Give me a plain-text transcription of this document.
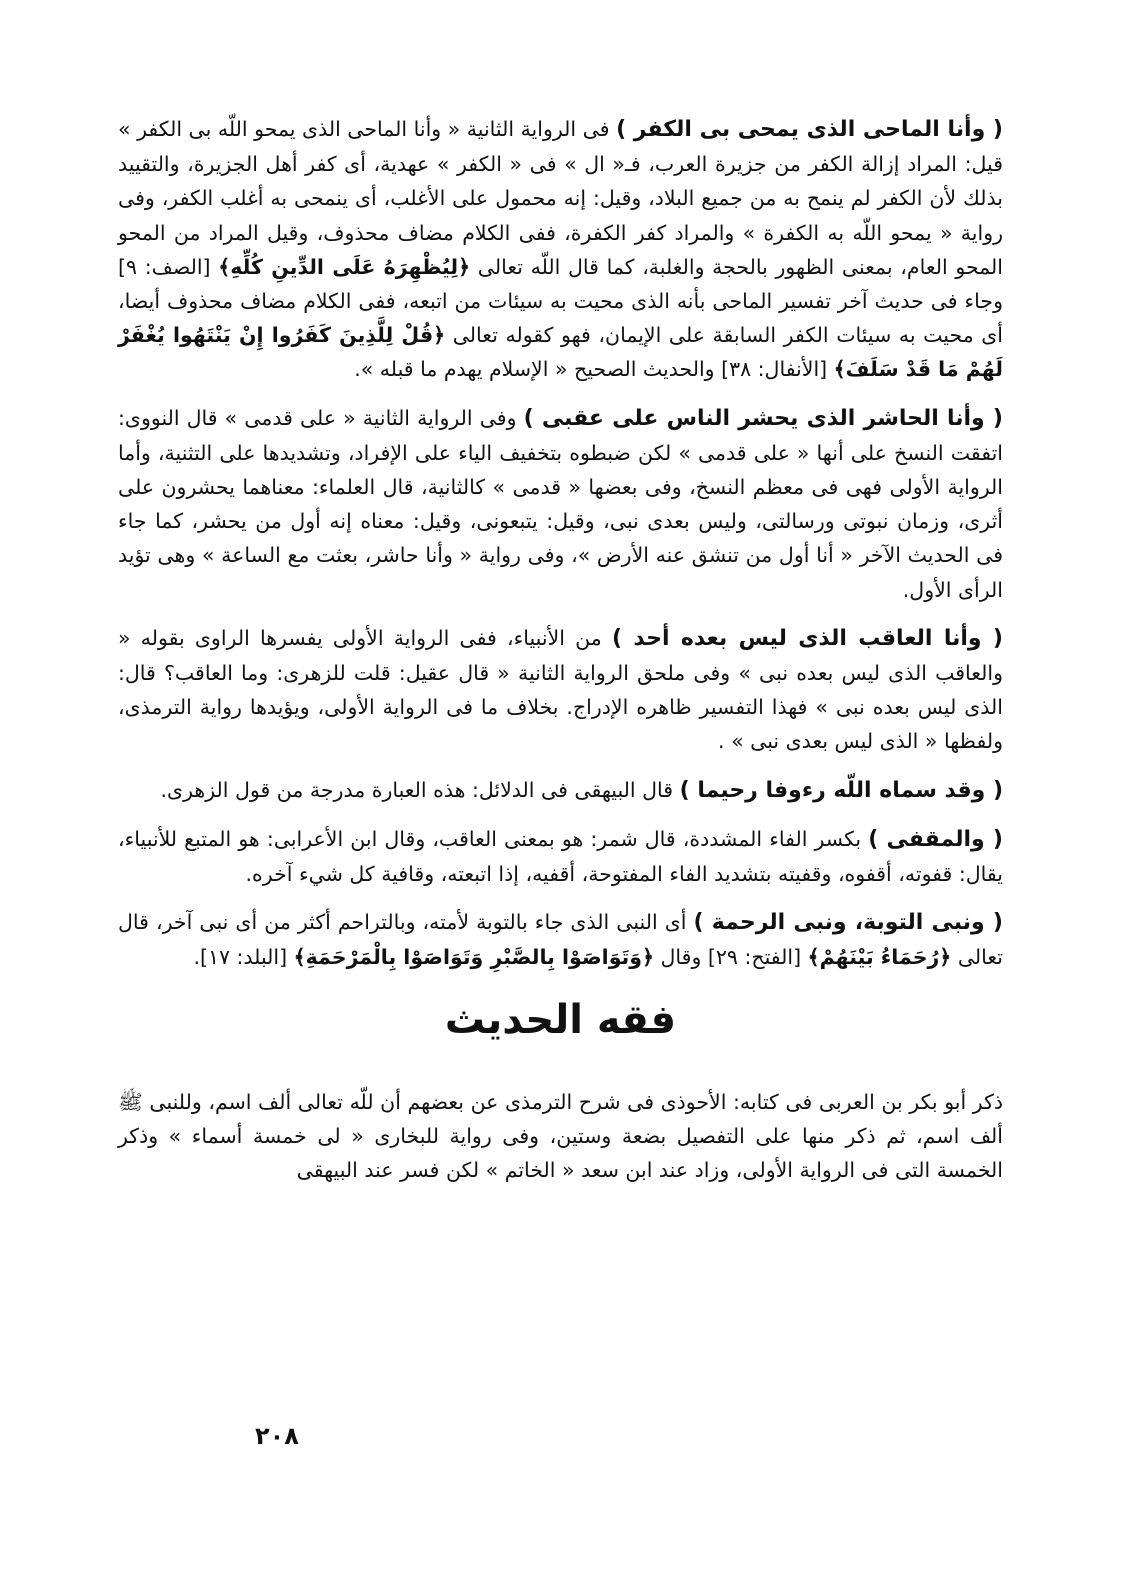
( وأنا الماحى الذى يمحى بى الكفر ) فى الرواية الثانية « وأنا الماحى الذى يمحو اللّه بى الكفر » قيل: المراد إزالة الكفر من جزيرة العرب، فـ« ال » فى « الكفر » عهدية، أى كفر أهل الجزيرة، والتقييد بذلك لأن الكفر لم ينمح به من جميع البلاد، وقيل: إنه محمول على الأغلب، أى ينمحى به أغلب الكفر، وفى رواية « يمحو اللّه به الكفرة » والمراد كفر الكفرة، ففى الكلام مضاف محذوف، وقيل المراد من المحو المحو العام، بمعنى الظهور بالحجة والغلبة، كما قال اللّه تعالى ﴿لِيُظْهِرَهُ عَلَى الدِّينِ كُلِّهِ﴾ [الصف: ٩] وجاء فى حديث آخر تفسير الماحى بأنه الذى محيت به سيئات من اتبعه، ففى الكلام مضاف محذوف أيضا، أى محيت به سيئات الكفر السابقة على الإيمان، فهو كقوله تعالى ﴿قُلْ لِلَّذِينَ كَفَرُوا إِنْ يَنْتَهُوا يُغْفَرْ لَهُمْ مَا قَدْ سَلَفَ﴾ [الأنفال: ٣٨] والحديث الصحيح « الإسلام يهدم ما قبله ».

( وأنا الحاشر الذى يحشر الناس على عقبى ) وفى الرواية الثانية « على قدمى » قال النووى: اتفقت النسخ على أنها « على قدمى » لكن ضبطوه بتخفيف الياء على الإفراد، وتشديدها على التثنية، وأما الرواية الأولى فهى فى معظم النسخ، وفى بعضها « قدمى » كالثانية، قال العلماء: معناهما يحشرون على أثرى، وزمان نبوتى ورسالتى، وليس بعدى نبى، وقيل: يتبعونى، وقيل: معناه إنه أول من يحشر، كما جاء فى الحديث الآخر « أنا أول من تنشق عنه الأرض »، وفى رواية « وأنا حاشر، بعثت مع الساعة » وهى تؤيد الرأى الأول.

( وأنا العاقب الذى ليس بعده أحد ) من الأنبياء، ففى الرواية الأولى يفسرها الراوى بقوله « والعاقب الذى ليس بعده نبى » وفى ملحق الرواية الثانية « قال عقيل: قلت للزهرى: وما العاقب؟ قال: الذى ليس بعده نبى » فهذا التفسير ظاهره الإدراج. بخلاف ما فى الرواية الأولى، ويؤيدها رواية الترمذى، ولفظها « الذى ليس بعدى نبى » .

( وقد سماه اللّه رءوفا رحيما ) قال البيهقى فى الدلائل: هذه العبارة مدرجة من قول الزهرى.

( والمقفى ) بكسر الفاء المشددة، قال شمر: هو بمعنى العاقب، وقال ابن الأعرابى: هو المتبع للأنبياء، يقال: قفوته، أقفوه، وقفيته بتشديد الفاء المفتوحة، أقفيه، إذا اتبعته، وقافية كل شيء آخره.

( ونبى التوبة، ونبى الرحمة ) أى النبى الذى جاء بالتوبة لأمته، وبالتراحم أكثر من أى نبى آخر، قال تعالى ﴿رُحَمَاءُ بَيْنَهُمْ﴾ [الفتح: ٢٩] وقال ﴿وَتَوَاصَوْا بِالصَّبْرِ وَتَوَاصَوْا بِالْمَرْحَمَةِ﴾ [البلد: ١٧].

فقه الحديث

ذكر أبو بكر بن العربى فى كتابه: الأحوذى فى شرح الترمذى عن بعضهم أن للّه تعالى ألف اسم، وللنبى ﷺ ألف اسم، ثم ذكر منها على التفصيل بضعة وستين، وفى رواية للبخارى « لى خمسة أسماء » وذكر الخمسة التى فى الرواية الأولى، وزاد عند ابن سعد « الخاتم » لكن فسر عند البيهقى

٢٠٨
